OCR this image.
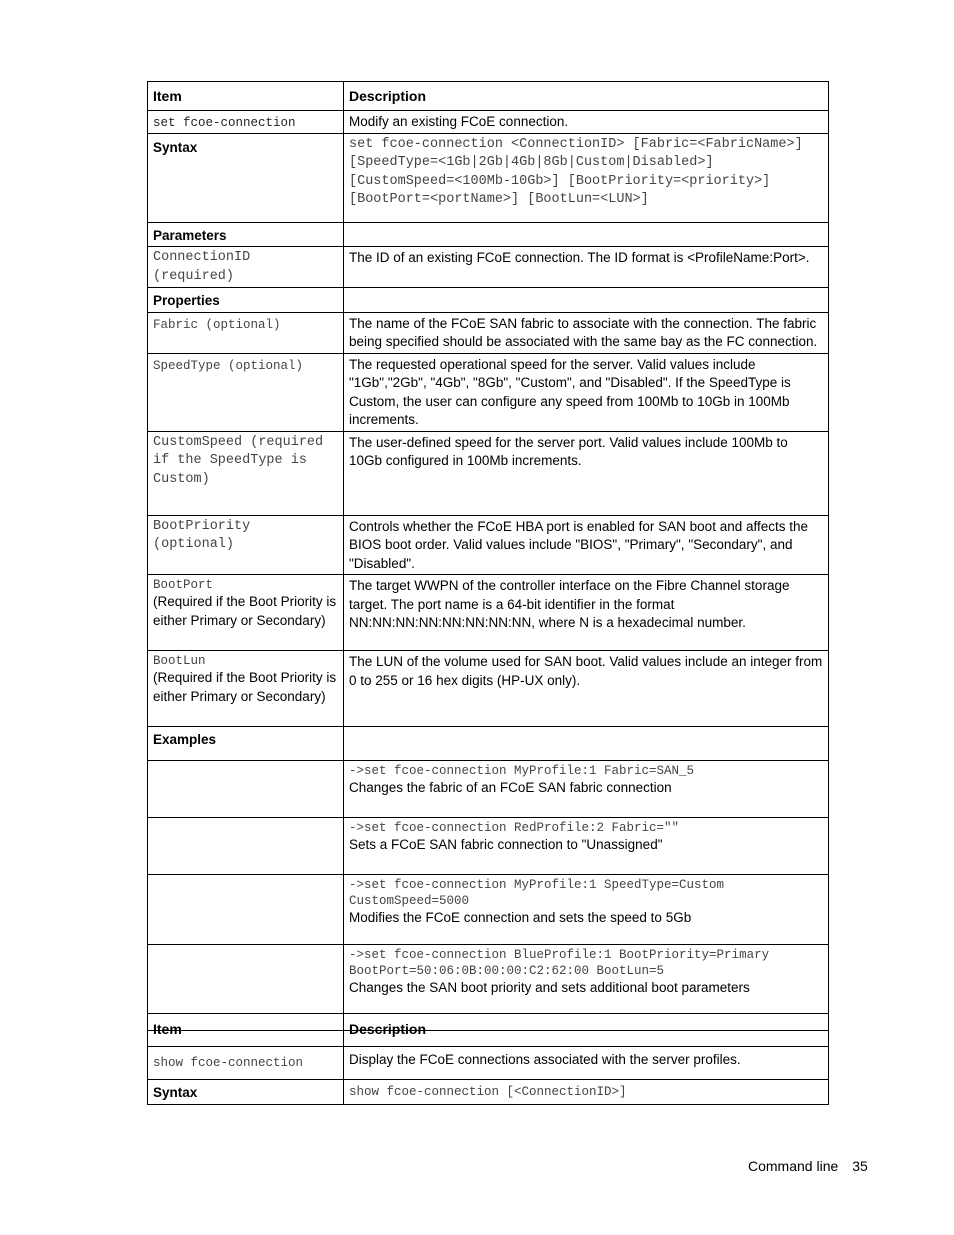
Item	Description
set fcoe-connection	Modify an existing FCoE connection.
Syntax	set fcoe-connection <ConnectionID> [Fabric=<FabricName>]
[SpeedType=<1Gb|2Gb|4Gb|8Gb|Custom|Disabled>]
[CustomSpeed=<100Mb-10Gb>] [BootPriority=<priority>]
[BootPort=<portName>] [BootLun=<LUN>]

Parameters	

ConnectionID
(required)	The ID of an existing FCoE connection. The ID format is <ProfileName:Port>.
Properties	
Fabric (optional)	The name of the FCoE SAN fabric to associate with the connection. The fabric being specified should be associated with the same bay as the FC connection.
SpeedType (optional)	The requested operational speed for the server. Valid values include "1Gb","2Gb", "4Gb", "8Gb", "Custom", and "Disabled". If the SpeedType is Custom, the user can configure any speed from 100Mb to 10Gb in 100Mb increments.

CustomSpeed (required
if the SpeedType is
Custom)	The user-defined speed for the server port. Valid values include 100Mb to 10Gb configured in 100Mb increments.

BootPriority
(optional)	Controls whether the FCoE HBA port is enabled for SAN boot and affects the BIOS boot order. Valid values include "BIOS", "Primary", "Secondary", and "Disabled".

BootPort
(Required if the Boot Priority is either Primary or Secondary)	The target WWPN of the controller interface on the Fibre Channel storage target. The port name is a 64-bit identifier in the format NN:NN:NN:NN:NN:NN:NN:NN, where N is a hexadecimal number.

BootLun
(Required if the Boot Priority is either Primary or Secondary)	The LUN of the volume used for SAN boot. Valid values include an integer from 0 to 255 or 16 hex digits (HP-UX only).
Examples	

	->set fcoe-connection MyProfile:1 Fabric=SAN_5
Changes the fabric of an FCoE SAN fabric connection

	->set fcoe-connection RedProfile:2 Fabric=""
Sets a FCoE SAN fabric connection to "Unassigned"

	->set fcoe-connection MyProfile:1 SpeedType=Custom
CustomSpeed=5000
Modifies the FCoE connection and sets the speed to 5Gb

	->set fcoe-connection BlueProfile:1 BootPriority=Primary
BootPort=50:06:0B:00:00:C2:62:00 BootLun=5
Changes the SAN boot priority and sets additional boot parameters
Item	Description
show fcoe-connection	Display the FCoE connections associated with the server profiles.
Syntax	show fcoe-connection [<ConnectionID>]
Command line 35
